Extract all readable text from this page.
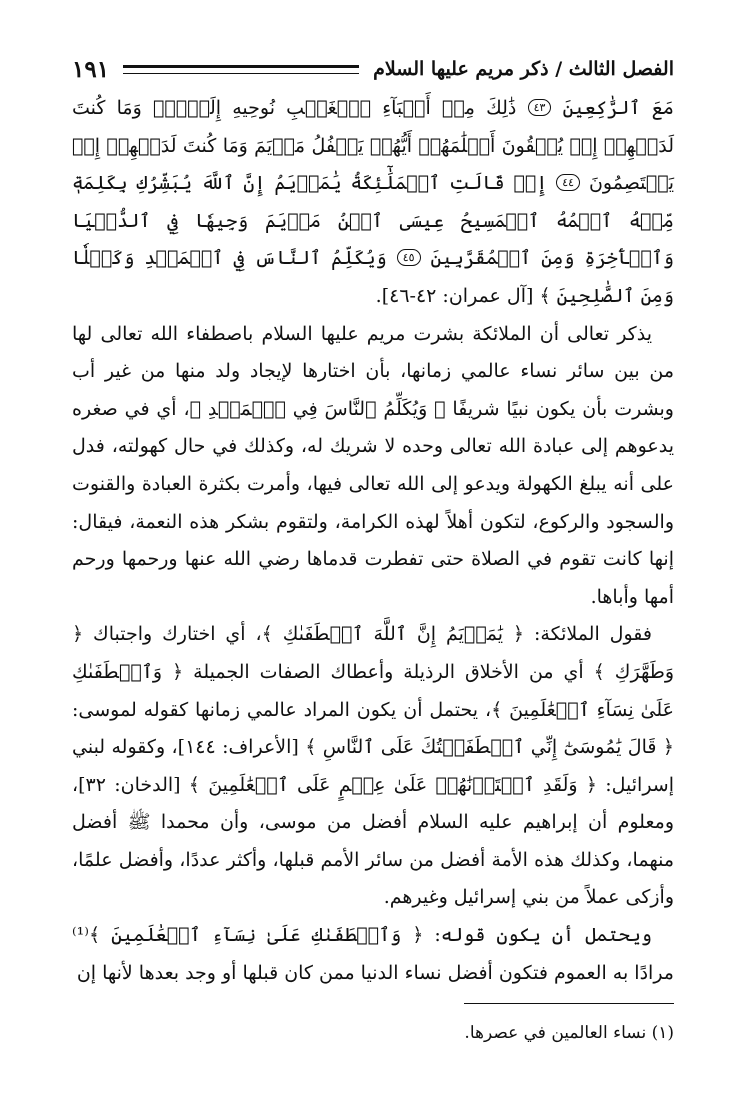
الفصل الثالث / ذكر مريم عليها السلام
١٩١

مَعَ ٱلرَّٰكِعِينَ ٤٣ ذَٰلِكَ مِنۡ أَنۢبَآءِ ٱلۡغَيۡبِ نُوحِيهِ إِلَيۡكَۚ وَمَا كُنتَ لَدَيۡهِمۡ إِذۡ يُلۡقُونَ أَقۡلَٰمَهُمۡ أَيُّهُمۡ يَكۡفُلُ مَرۡيَمَ وَمَا كُنتَ لَدَيۡهِمۡ إِذۡ يَخۡتَصِمُونَ ٤٤ إِذۡ قَالَتِ ٱلۡمَلَٰٓئِكَةُ يَٰمَرۡيَمُ إِنَّ ٱللَّهَ يُبَشِّرُكِ بِكَلِمَةٖ مِّنۡهُ ٱسۡمُهُ ٱلۡمَسِيحُ عِيسَى ٱبۡنُ مَرۡيَمَ وَجِيهٗا فِي ٱلدُّنۡيَا وَٱلۡأٓخِرَةِ وَمِنَ ٱلۡمُقَرَّبِينَ ٤٥ وَيُكَلِّمُ ٱلنَّاسَ فِي ٱلۡمَهۡدِ وَكَهۡلٗا وَمِنَ ٱلصَّٰلِحِينَ ﴾ [آل عمران: ٤٢-٤٦].

يذكر تعالى أن الملائكة بشرت مريم عليها السلام باصطفاء الله تعالى لها من بين سائر نساء عالمي زمانها، بأن اختارها لإيجاد ولد منها من غير أب وبشرت بأن يكون نبيًا شريفًا ﴿ وَيُكَلِّمُ ٱلنَّاسَ فِي ٱلۡمَهۡدِ ﴾، أي في صغره يدعوهم إلى عبادة الله تعالى وحده لا شريك له، وكذلك في حال كهولته، فدل على أنه يبلغ الكهولة ويدعو إلى الله تعالى فيها، وأمرت بكثرة العبادة والقنوت والسجود والركوع، لتكون أهلاً لهذه الكرامة، ولتقوم بشكر هذه النعمة، فيقال: إنها كانت تقوم في الصلاة حتى تفطرت قدماها رضي الله عنها ورحمها ورحم أمها وأباها.

فقول الملائكة: ﴿ يَٰمَرۡيَمُ إِنَّ ٱللَّهَ ٱصۡطَفَىٰكِ ﴾، أي اختارك واجتباك ﴿ وَطَهَّرَكِ ﴾ أي من الأخلاق الرذيلة وأعطاك الصفات الجميلة ﴿ وَٱصۡطَفَىٰكِ عَلَىٰ نِسَآءِ ٱلۡعَٰلَمِينَ ﴾، يحتمل أن يكون المراد عالمي زمانها كقوله لموسى: ﴿ قَالَ يَٰمُوسَىٰٓ إِنِّي ٱصۡطَفَيۡتُكَ عَلَى ٱلنَّاسِ ﴾ [الأعراف: ١٤٤]، وكقوله لبني إسرائيل: ﴿ وَلَقَدِ ٱخۡتَرۡنَٰهُمۡ عَلَىٰ عِلۡمٍ عَلَى ٱلۡعَٰلَمِينَ ﴾ [الدخان: ٣٢]، ومعلوم أن إبراهيم عليه السلام أفضل من موسى، وأن محمدا ﷺ أفضل منهما، وكذلك هذه الأمة أفضل من سائر الأمم قبلها، وأكثر عددًا، وأفضل علمًا، وأزكى عملاً من بني إسرائيل وغيرهم.

ويحتمل أن يكون قوله: ﴿ وَٱصۡطَفَىٰكِ عَلَىٰ نِسَآءِ ٱلۡعَٰلَمِينَ ﴾⁽¹⁾ مرادًا به العموم فتكون أفضل نساء الدنيا ممن كان قبلها أو وجد بعدها لأنها إن

(١) نساء العالمين في عصرها.
